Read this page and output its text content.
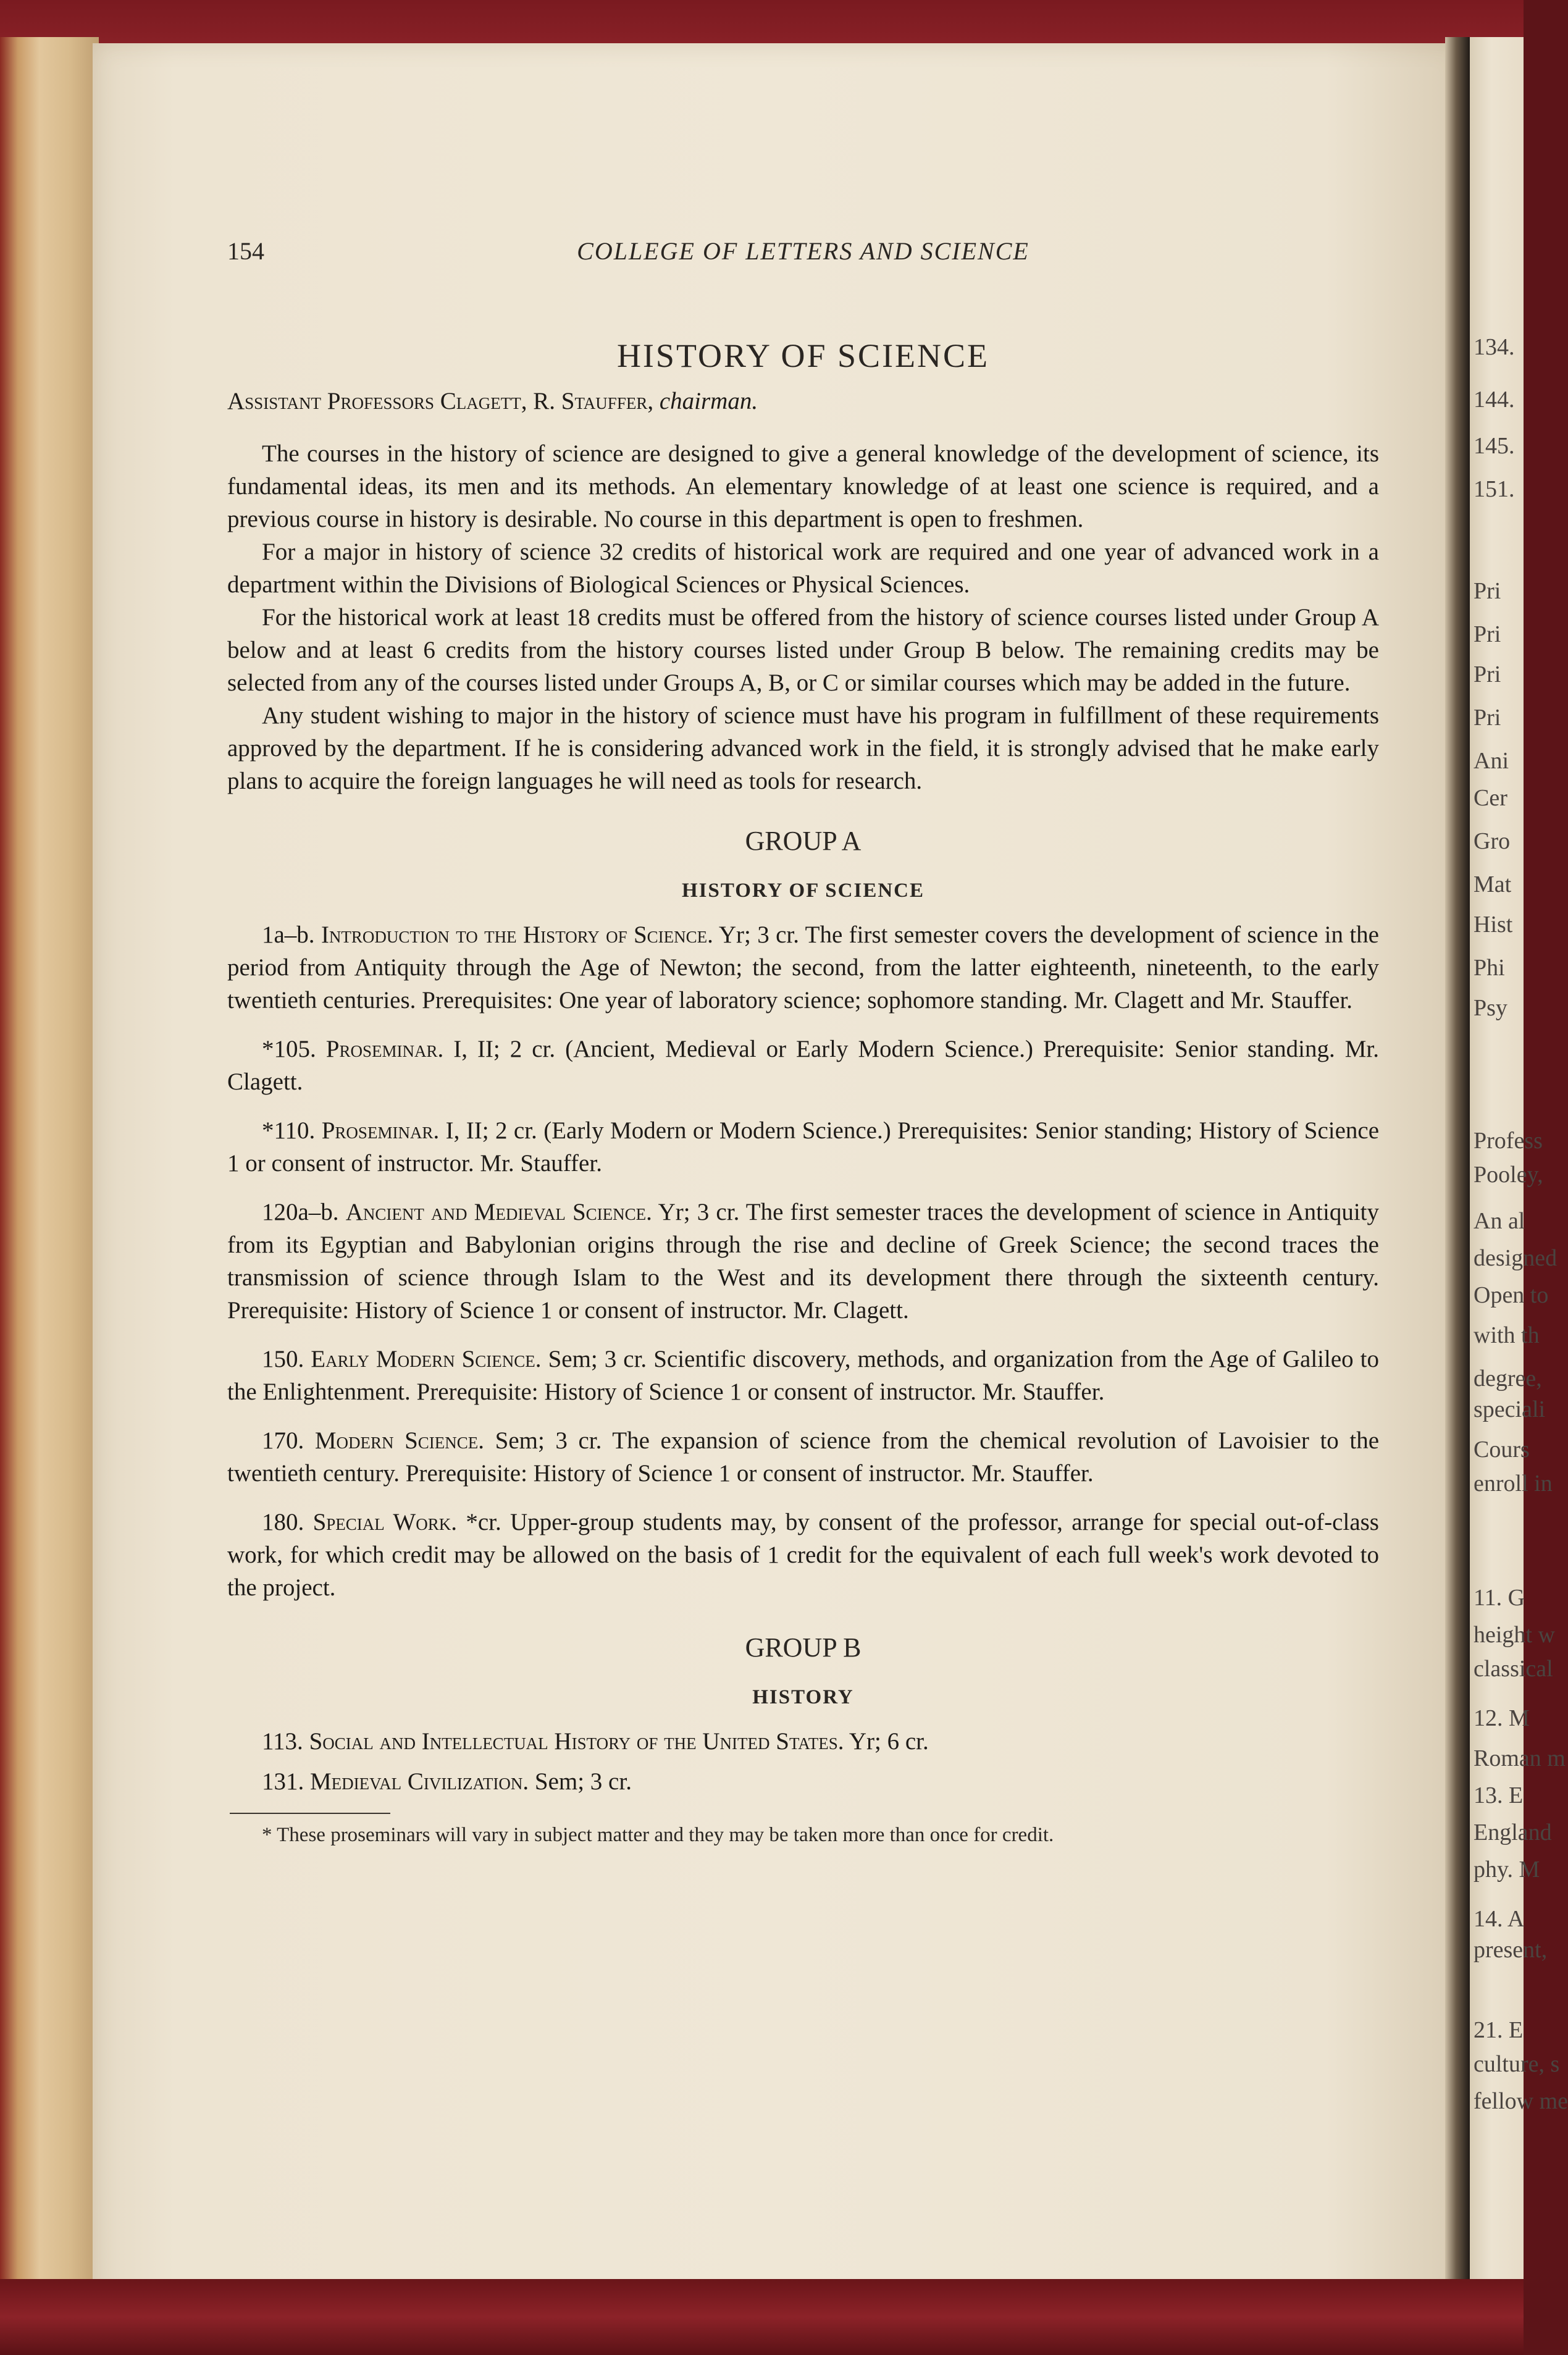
134.
144.
145.
151.
Pri
Pri
Pri
Pri
Ani
Cer
Gro
Mat
Hist
Phi
Psy
Profess
Pooley,
An al
designed
Open to
with th
degree,
speciali
Cours
enroll in
11. G
height w
classical
12. M
Roman m
13. E
England
phy. M
14. A
present,
21. E
culture, s
fellow me
154	COLLEGE OF LETTERS AND SCIENCE
HISTORY OF SCIENCE
Assistant Professors Clagett, R. Stauffer, chairman.

The courses in the history of science are designed to give a general knowledge of the development of science, its fundamental ideas, its men and its methods. An elementary knowledge of at least one science is required, and a previous course in history is desirable. No course in this department is open to freshmen.

For a major in history of science 32 credits of historical work are required and one year of advanced work in a department within the Divisions of Biological Sciences or Physical Sciences.

For the historical work at least 18 credits must be offered from the history of science courses listed under Group A below and at least 6 credits from the history courses listed under Group B below. The remaining credits may be selected from any of the courses listed under Groups A, B, or C or similar courses which may be added in the future.

Any student wishing to major in the history of science must have his program in fulfillment of these requirements approved by the department. If he is considering advanced work in the field, it is strongly advised that he make early plans to acquire the foreign languages he will need as tools for research.

GROUP A
HISTORY OF SCIENCE
1a–b. Introduction to the History of Science. Yr; 3 cr. The first semester covers the development of science in the period from Antiquity through the Age of Newton; the second, from the latter eighteenth, nineteenth, to the early twentieth centuries. Prerequisites: One year of laboratory science; sophomore standing. Mr. Clagett and Mr. Stauffer.
*105. Proseminar. I, II; 2 cr. (Ancient, Medieval or Early Modern Science.) Prerequisite: Senior standing. Mr. Clagett.
*110. Proseminar. I, II; 2 cr. (Early Modern or Modern Science.) Prerequisites: Senior standing; History of Science 1 or consent of instructor. Mr. Stauffer.
120a–b. Ancient and Medieval Science. Yr; 3 cr. The first semester traces the development of science in Antiquity from its Egyptian and Babylonian origins through the rise and decline of Greek Science; the second traces the transmission of science through Islam to the West and its development there through the sixteenth century. Prerequisite: History of Science 1 or consent of instructor. Mr. Clagett.
150. Early Modern Science. Sem; 3 cr. Scientific discovery, methods, and organization from the Age of Galileo to the Enlightenment. Prerequisite: History of Science 1 or consent of instructor. Mr. Stauffer.
170. Modern Science. Sem; 3 cr. The expansion of science from the chemical revolution of Lavoisier to the twentieth century. Prerequisite: History of Science 1 or consent of instructor. Mr. Stauffer.
180. Special Work. *cr. Upper-group students may, by consent of the professor, arrange for special out-of-class work, for which credit may be allowed on the basis of 1 credit for the equivalent of each full week's work devoted to the project.
GROUP B
HISTORY
113. Social and Intellectual History of the United States. Yr; 6 cr.
131. Medieval Civilization. Sem; 3 cr.
* These proseminars will vary in subject matter and they may be taken more than once for credit.
